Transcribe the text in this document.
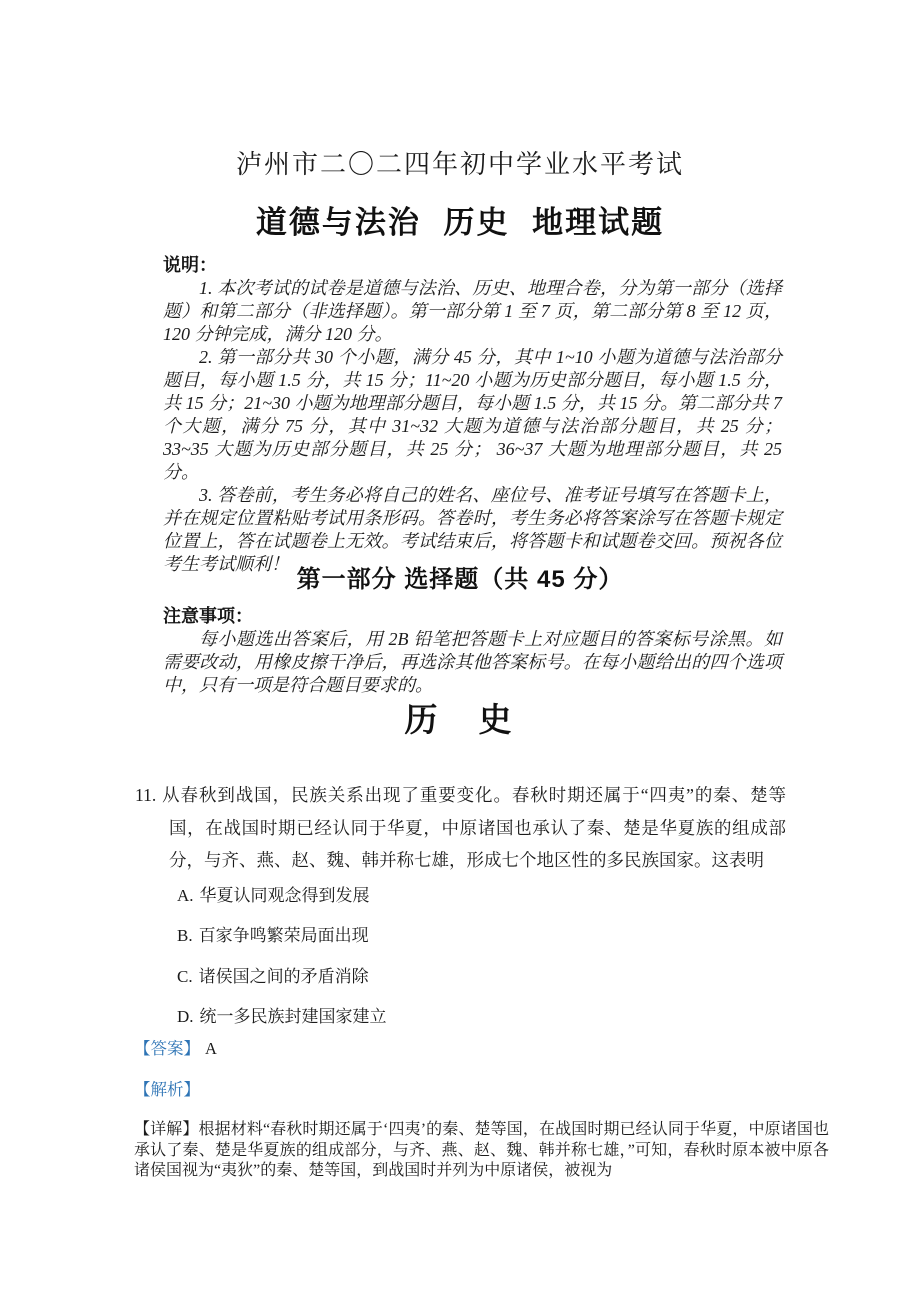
泸州市二〇二四年初中学业水平考试
道德与法治 历史 地理试题
说明：
1. 本次考试的试卷是道德与法治、历史、地理合卷，分为第一部分（选择题）和第二部分（非选择题）。第一部分第 1 至 7 页，第二部分第 8 至 12 页，120 分钟完成，满分 120 分。
2. 第一部分共 30 个小题，满分 45 分，其中 1~10 小题为道德与法治部分题目，每小题 1.5 分，共 15 分；11~20 小题为历史部分题目，每小题 1.5 分，共 15 分；21~30 小题为地理部分题目，每小题 1.5 分，共 15 分。第二部分共 7 个大题，满分 75 分，其中 31~32 大题为道德与法治部分题目，共 25 分； 33~35 大题为历史部分题目，共 25 分； 36~37 大题为地理部分题目，共 25 分。
3. 答卷前，考生务必将自己的姓名、座位号、准考证号填写在答题卡上，并在规定位置粘贴考试用条形码。答卷时，考生务必将答案涂写在答题卡规定位置上，答在试题卷上无效。考试结束后，将答题卡和试题卷交回。预祝各位考生考试顺利！
第一部分 选择题（共 45 分）
注意事项：
每小题选出答案后，用 2B 铅笔把答题卡上对应题目的答案标号涂黑。如需要改动，用橡皮擦干净后，再选涂其他答案标号。在每小题给出的四个选项中，只有一项是符合题目要求的。
历　史
11. 从春秋到战国，民族关系出现了重要变化。春秋时期还属于“四夷”的秦、楚等国，在战国时期已经认同于华夏，中原诸国也承认了秦、楚是华夏族的组成部分，与齐、燕、赵、魏、韩并称七雄，形成七个地区性的多民族国家。这表明
A. 华夏认同观念得到发展
B. 百家争鸣繁荣局面出现
C. 诸侯国之间的矛盾消除
D. 统一多民族封建国家建立
【答案】 A
【解析】
【详解】根据材料“春秋时期还属于‘四夷’的秦、楚等国，在战国时期已经认同于华夏，中原诸国也承认了秦、楚是华夏族的组成部分，与齐、燕、赵、魏、韩并称七雄，”可知，春秋时原本被中原各诸侯国视为“夷狄”的秦、楚等国，到战国时并列为中原诸侯，被视为
